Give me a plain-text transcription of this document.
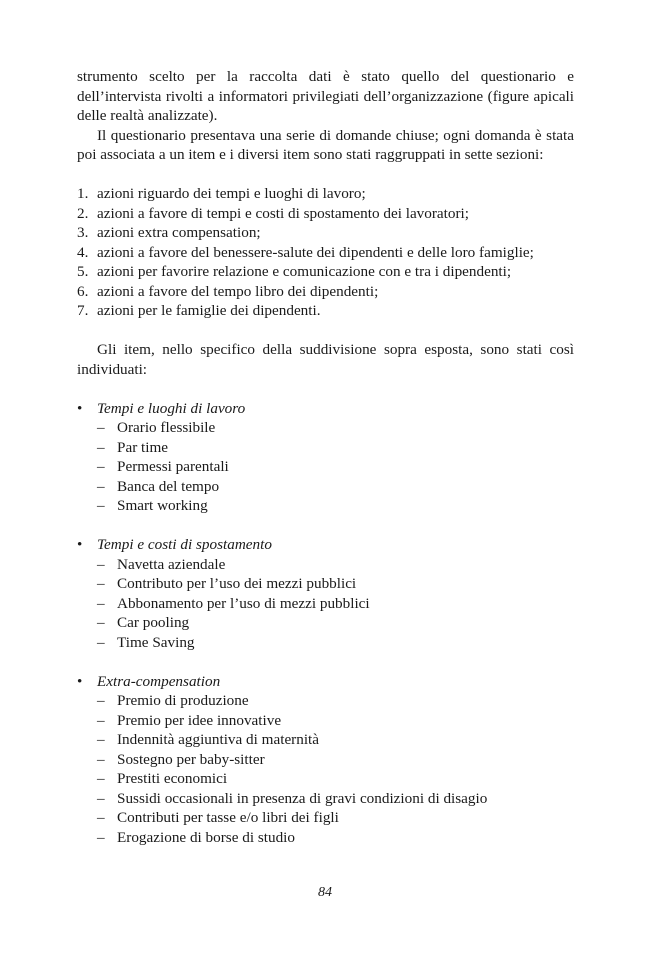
strumento scelto per la raccolta dati è stato quello del questionario e dell’intervista rivolti a informatori privilegiati dell’organizzazione (figure apicali delle realtà analizzate).

Il questionario presentava una serie di domande chiuse; ogni domanda è stata poi associata a un item e i diversi item sono stati raggruppati in sette sezioni:

1. azioni riguardo dei tempi e luoghi di lavoro;
2. azioni a favore di tempi e costi di spostamento dei lavoratori;
3. azioni extra compensation;
4. azioni a favore del benessere-salute dei dipendenti e delle loro famiglie;
5. azioni per favorire relazione e comunicazione con e tra i dipendenti;
6. azioni a favore del tempo libro dei dipendenti;
7. azioni per le famiglie dei dipendenti.

Gli item, nello specifico della suddivisione sopra esposta, sono stati così individuati:

• Tempi e luoghi di lavoro
– Orario flessibile
– Par time
– Permessi parentali
– Banca del tempo
– Smart working
• Tempi e costi di spostamento
– Navetta aziendale
– Contributo per l’uso dei mezzi pubblici
– Abbonamento per l’uso di mezzi pubblici
– Car pooling
– Time Saving
• Extra-compensation
– Premio di produzione
– Premio per idee innovative
– Indennità aggiuntiva di maternità
– Sostegno per baby-sitter
– Prestiti economici
– Sussidi occasionali in presenza di gravi condizioni di disagio
– Contributi per tasse e/o libri dei figli
– Erogazione di borse di studio
84
